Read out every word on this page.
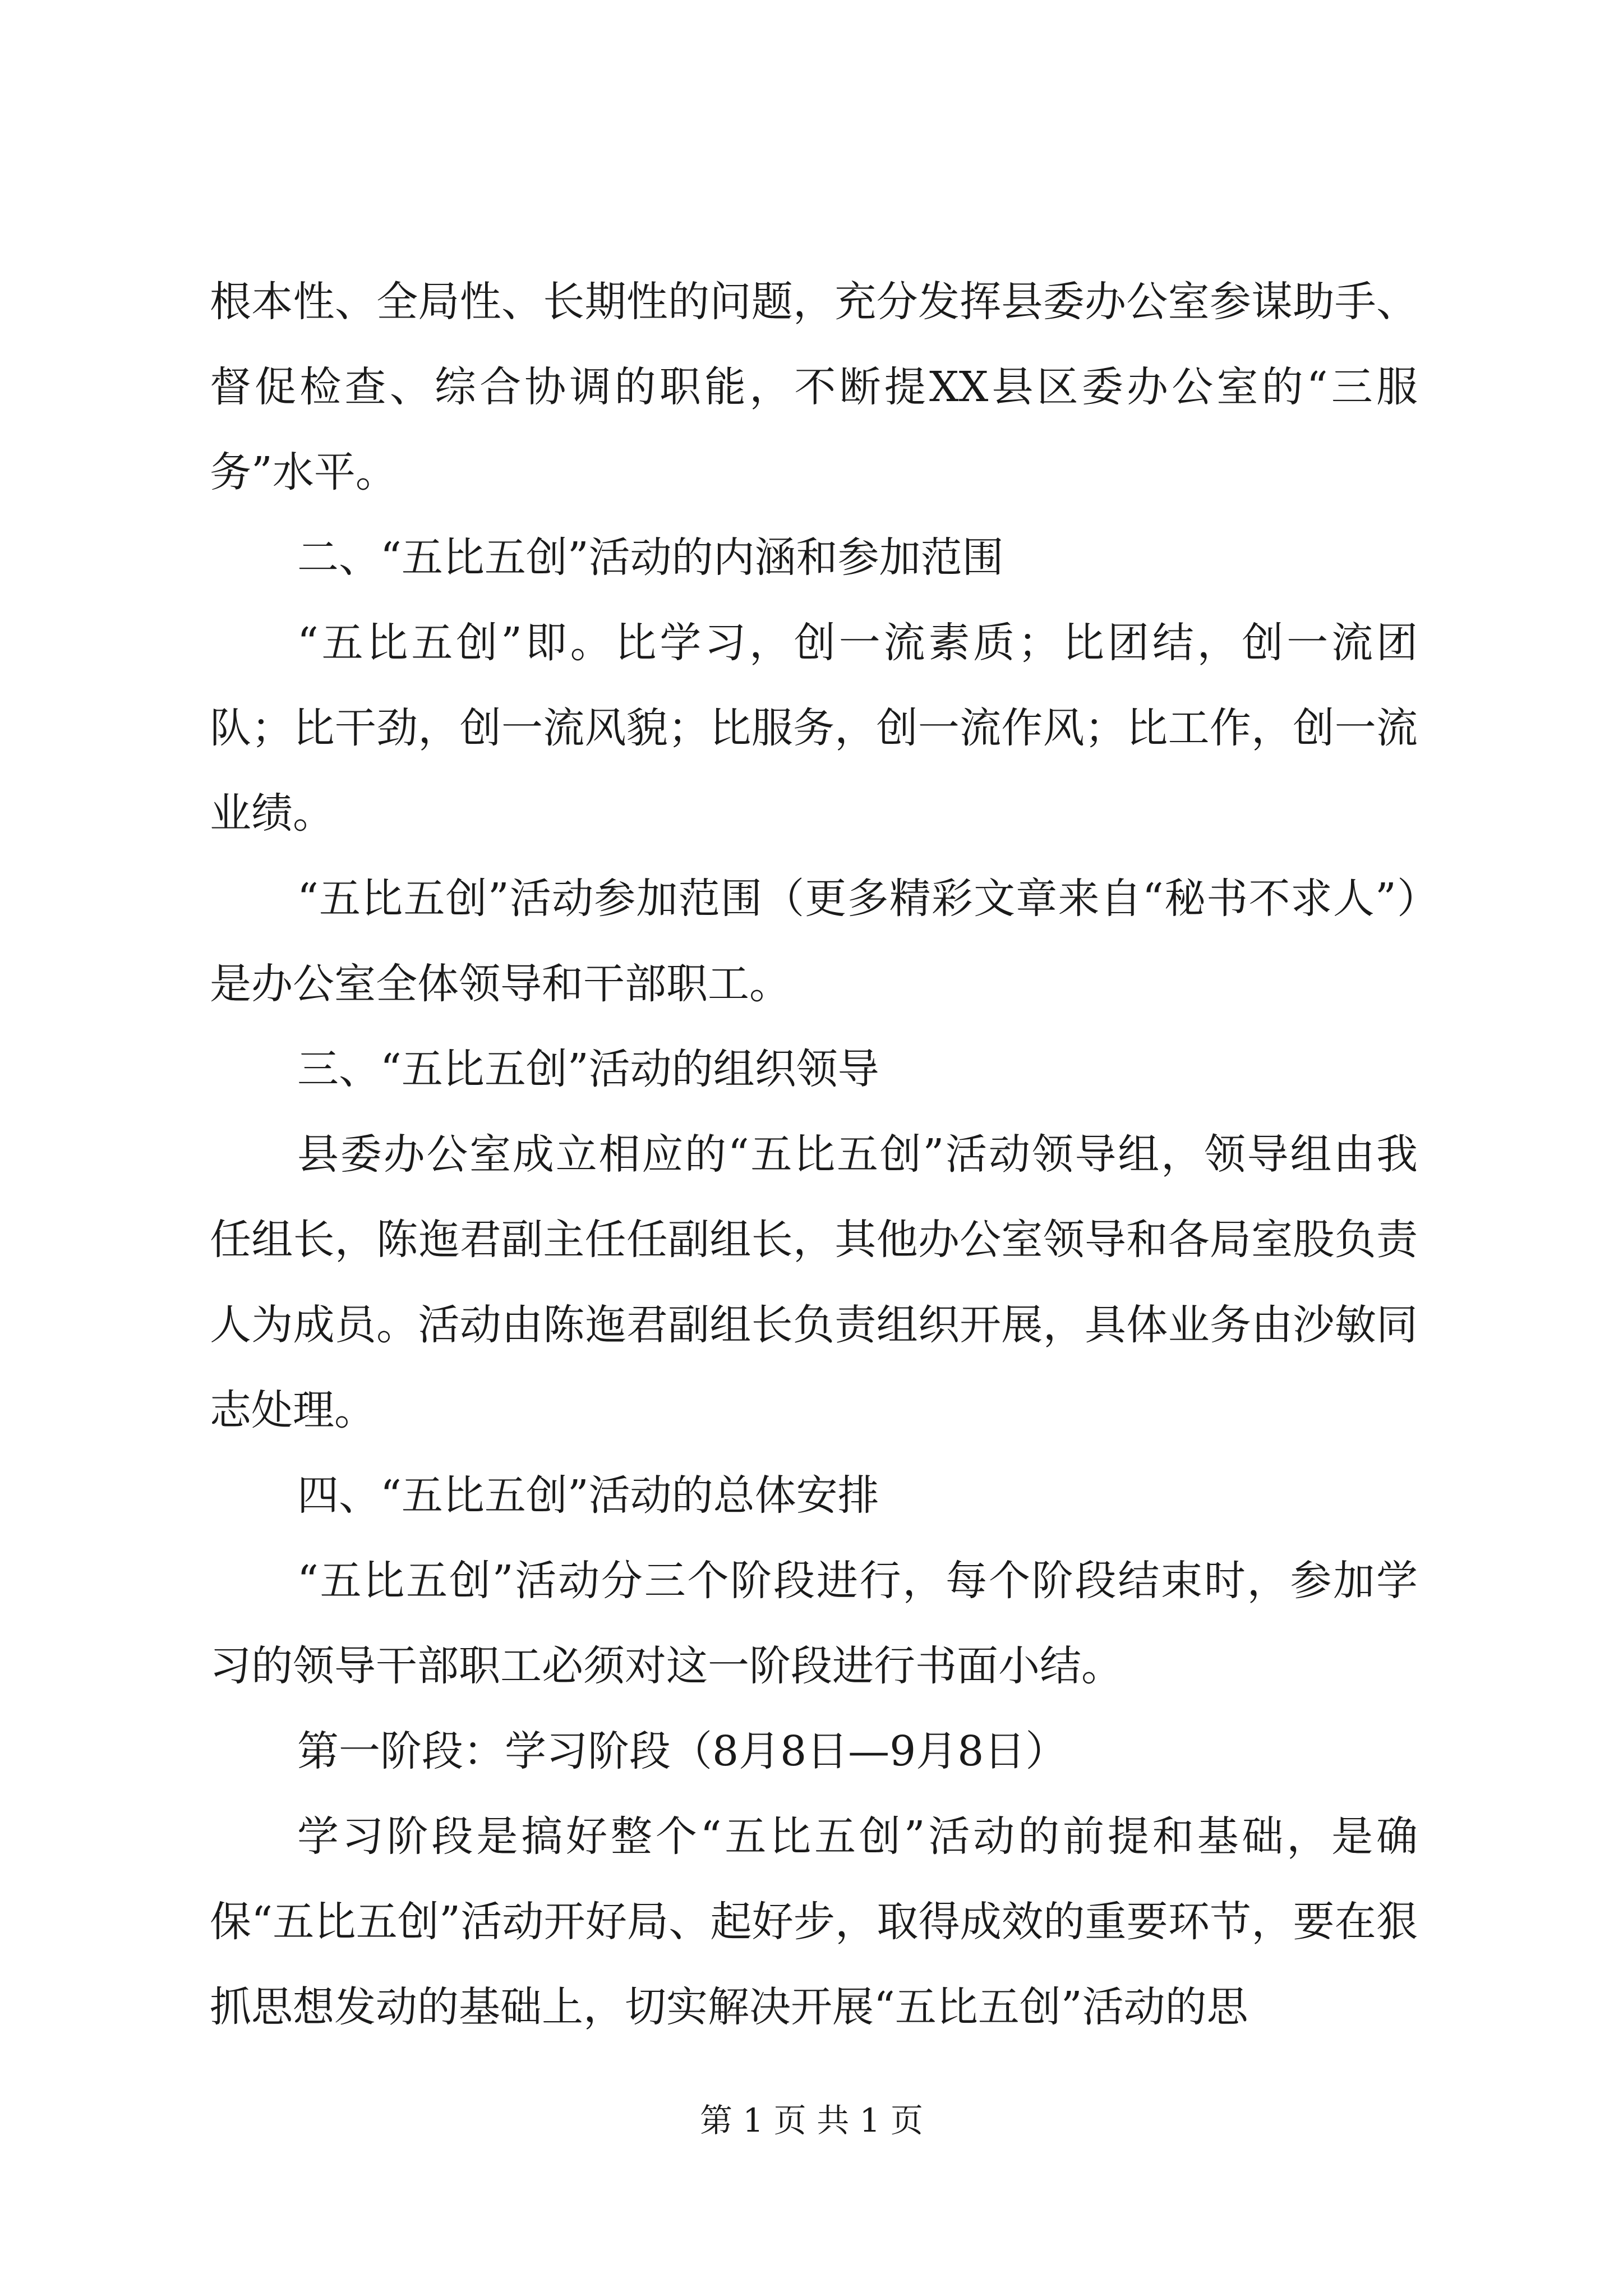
根本性、全局性、长期性的问题，充分发挥县委办公室参谋助手、督促检查、综合协调的职能，不断提XX县区委办公室的“三服务”水平。

二、“五比五创”活动的内涵和参加范围

“五比五创”即。比学习，创一流素质；比团结，创一流团队；比干劲，创一流风貌；比服务，创一流作风；比工作，创一流业绩。

“五比五创”活动参加范围（更多精彩文章来自“秘书不求人”）是办公室全体领导和干部职工。

三、“五比五创”活动的组织领导

县委办公室成立相应的“五比五创”活动领导组，领导组由我任组长，陈迤君副主任任副组长，其他办公室领导和各局室股负责人为成员。活动由陈迤君副组长负责组织开展，具体业务由沙敏同志处理。

四、“五比五创”活动的总体安排

“五比五创”活动分三个阶段进行，每个阶段结束时，参加学习的领导干部职工必须对这一阶段进行书面小结。

第一阶段：学习阶段（8月8日—9月8日）

学习阶段是搞好整个“五比五创”活动的前提和基础，是确保“五比五创”活动开好局、起好步，取得成效的重要环节，要在狠抓思想发动的基础上，切实解决开展“五比五创”活动的思

第 1 页 共 1 页
